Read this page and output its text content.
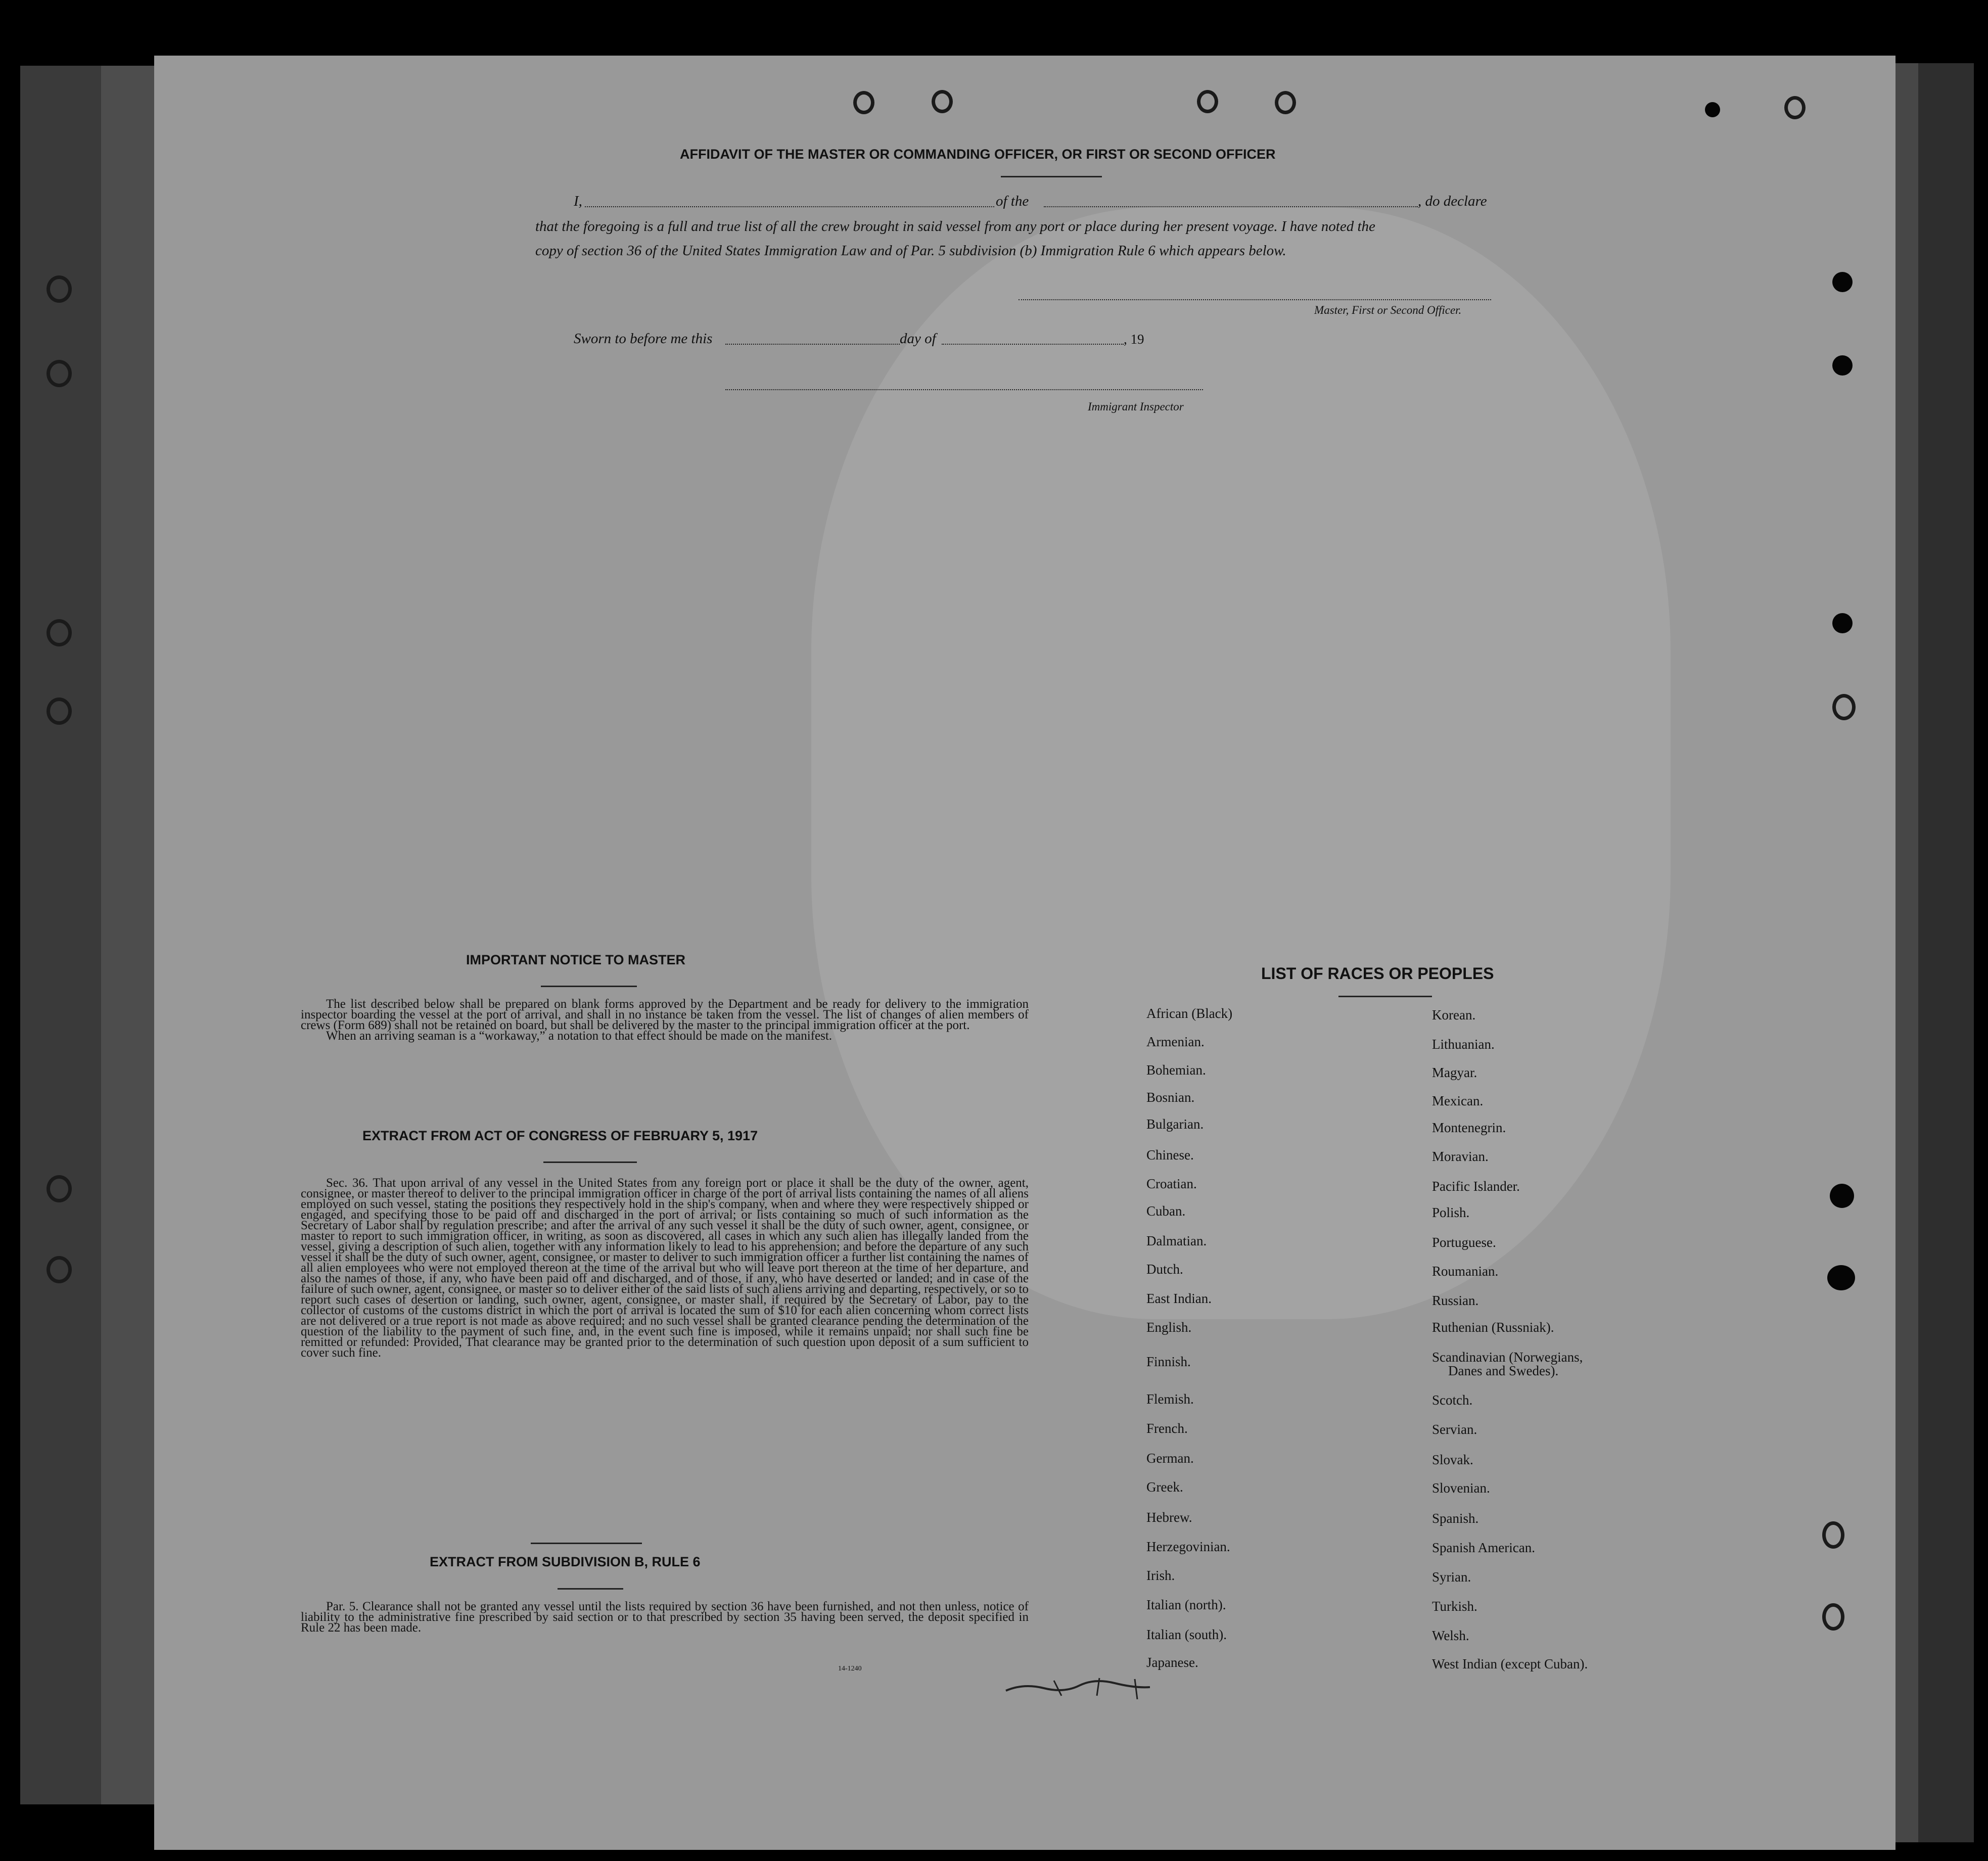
AFFIDAVIT OF THE MASTER OR COMMANDING OFFICER, OR FIRST OR SECOND OFFICER
I,	of the	, do declare
that the foregoing is a full and true list of all the crew brought in said vessel from any port or place during her present voyage. I have noted the
copy of section 36 of the United States Immigration Law and of Par. 5 subdivision (b) Immigration Rule 6 which appears below.
Master, First or Second Officer.
Sworn to before me this	day of	, 19
Immigrant Inspector
IMPORTANT NOTICE TO MASTER

The list described below shall be prepared on blank forms approved by the Department and be ready for delivery to the immigration inspector boarding the vessel at the port of arrival, and shall in no instance be taken from the vessel. The list of changes of alien members of crews (Form 689) shall not be retained on board, but shall be delivered by the master to the principal immigration officer at the port.

When an arriving seaman is a “workaway,” a notation to that effect should be made on the manifest.

EXTRACT FROM ACT OF CONGRESS OF FEBRUARY 5, 1917

Sec. 36. That upon arrival of any vessel in the United States from any foreign port or place it shall be the duty of the owner, agent, consignee, or master thereof to deliver to the principal immigration officer in charge of the port of arrival lists containing the names of all aliens employed on such vessel, stating the positions they respectively hold in the ship's company, when and where they were respectively shipped or engaged, and specifying those to be paid off and discharged in the port of arrival; or lists containing so much of such information as the Secretary of Labor shall by regulation prescribe; and after the arrival of any such vessel it shall be the duty of such owner, agent, consignee, or master to report to such immigration officer, in writing, as soon as discovered, all cases in which any such alien has illegally landed from the vessel, giving a description of such alien, together with any information likely to lead to his apprehension; and before the departure of any such vessel it shall be the duty of such owner, agent, consignee, or master to deliver to such immigration officer a further list containing the names of all alien employees who were not employed thereon at the time of the arrival but who will leave port thereon at the time of her departure, and also the names of those, if any, who have been paid off and discharged, and of those, if any, who have deserted or landed; and in case of the failure of such owner, agent, consignee, or master so to deliver either of the said lists of such aliens arriving and departing, respectively, or so to report such cases of desertion or landing, such owner, agent, consignee, or master shall, if required by the Secretary of Labor, pay to the collector of customs of the customs district in which the port of arrival is located the sum of $10 for each alien concerning whom correct lists are not delivered or a true report is not made as above required; and no such vessel shall be granted clearance pending the determination of the question of the liability to the payment of such fine, and, in the event such fine is imposed, while it remains unpaid; nor shall such fine be remitted or refunded: Provided, That clearance may be granted prior to the determination of such question upon deposit of a sum sufficient to cover such fine.

EXTRACT FROM SUBDIVISION B, RULE 6

Par. 5. Clearance shall not be granted any vessel until the lists required by section 36 have been furnished, and not then unless, notice of liability to the administrative fine prescribed by said section or to that prescribed by section 35 having been served, the deposit specified in Rule 22 has been made.

14-1240
LIST OF RACES OR PEOPLES
African (Black)
Armenian.
Bohemian.
Bosnian.
Bulgarian.
Chinese.
Croatian.
Cuban.
Dalmatian.
Dutch.
East Indian.
English.
Finnish.
Flemish.
French.
German.
Greek.
Hebrew.
Herzegovinian.
Irish.
Italian (north).
Italian (south).
Japanese.
Korean.
Lithuanian.
Magyar.
Mexican.
Montenegrin.
Moravian.
Pacific Islander.
Polish.
Portuguese.
Roumanian.
Russian.
Ruthenian (Russniak).
Scandinavian (Norwegians,
Danes and Swedes).
Scotch.
Servian.
Slovak.
Slovenian.
Spanish.
Spanish American.
Syrian.
Turkish.
Welsh.
West Indian (except Cuban).
